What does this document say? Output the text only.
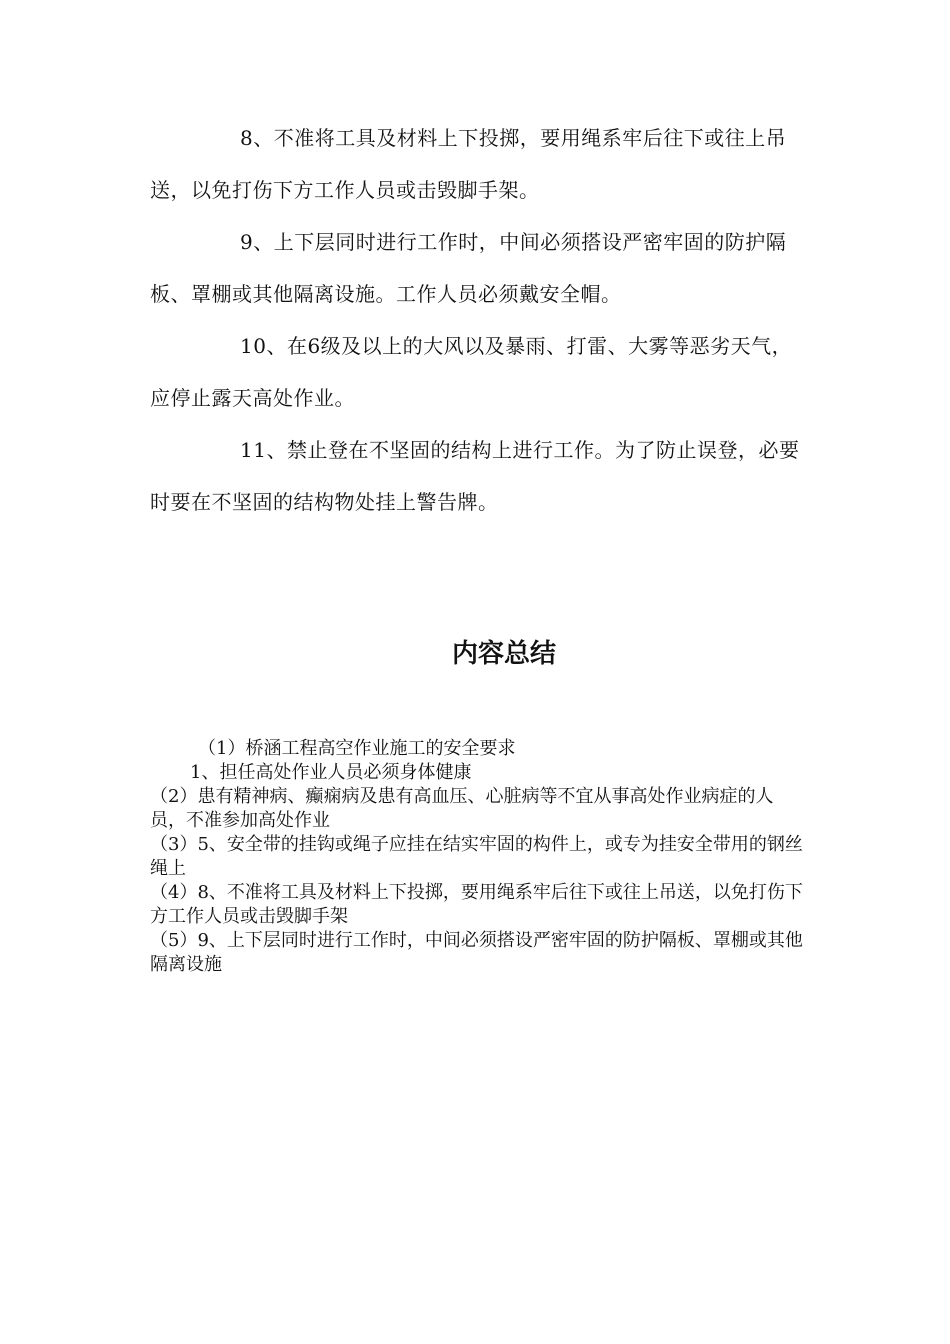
8、不准将工具及材料上下投掷，要用绳系牢后往下或往上吊送，以免打伤下方工作人员或击毁脚手架。

9、上下层同时进行工作时，中间必须搭设严密牢固的防护隔板、罩棚或其他隔离设施。工作人员必须戴安全帽。

10、在6级及以上的大风以及暴雨、打雷、大雾等恶劣天气，应停止露天高处作业。

11、禁止登在不坚固的结构上进行工作。为了防止误登，必要时要在不坚固的结构物处挂上警告牌。

内容总结
（1）桥涵工程高空作业施工的安全要求
1、担任高处作业人员必须身体健康
（2）患有精神病、癫痫病及患有高血压、心脏病等不宜从事高处作业病症的人员，不准参加高处作业
（3）5、安全带的挂钩或绳子应挂在结实牢固的构件上，或专为挂安全带用的钢丝绳上
（4）8、不准将工具及材料上下投掷，要用绳系牢后往下或往上吊送，以免打伤下方工作人员或击毁脚手架
（5）9、上下层同时进行工作时，中间必须搭设严密牢固的防护隔板、罩棚或其他隔离设施
